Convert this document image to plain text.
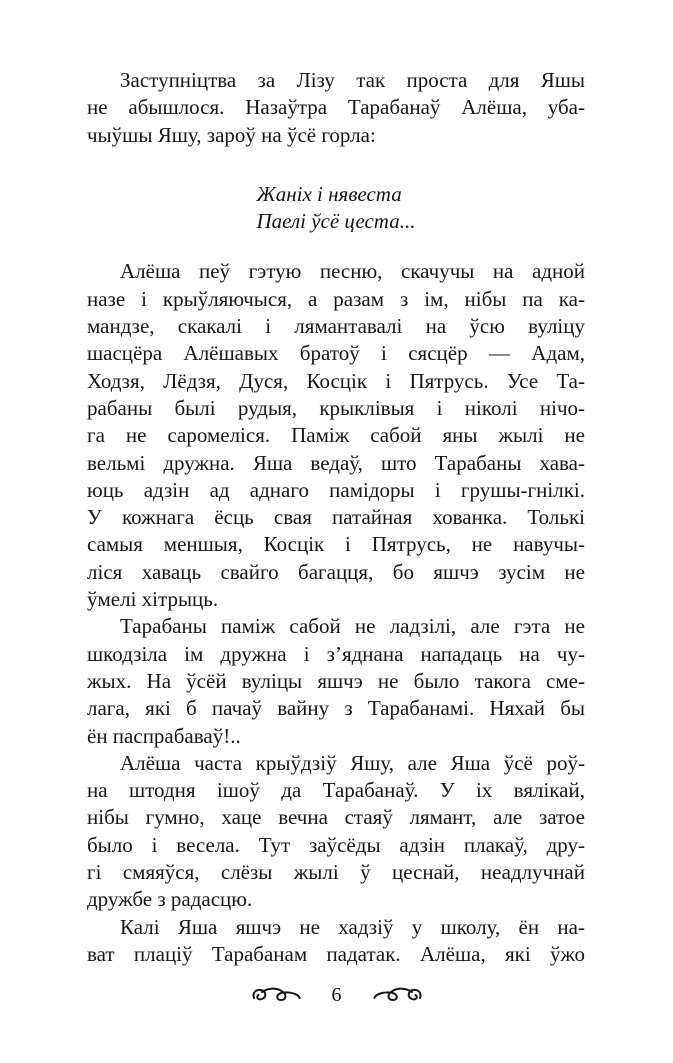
Заступніцтва за Лізу так проста для Яшы
не абышлося. Назаўтра Тарабанаў Алёша, уба-
чыўшы Яшу, зароў на ўсё горла:
Жаніх і нявеста
Паелі ўсё цеста...
Алёша пеў гэтую песню, скачучы на адной
назе і крыўляючыся, а разам з ім, нібы па ка-
мандзе, скакалі і лямантавалі на ўсю вуліцу
шасцёра Алёшавых братоў і сясцёр — Адам,
Ходзя, Лёдзя, Дуся, Косцік і Пятрусь. Усе Та-
рабаны былі рудыя, крыклівыя і ніколі нічо-
га не саромеліся. Паміж сабой яны жылі не
вельмі дружна. Яша ведаў, што Тарабаны хава-
юць адзін ад аднаго памідоры і грушы-гнілкі.
У кожнага ёсць свая патайная хованка. Толькі
самыя меншыя, Косцік і Пятрусь, не навучы-
ліся хаваць свайго багацця, бо яшчэ зусім не
ўмелі хітрыць.
Тарабаны паміж сабой не ладзілі, але гэта не
шкодзіла ім дружна і з’яднана нападаць на чу-
жых. На ўсёй вуліцы яшчэ не было такога сме-
лага, які б пачаў вайну з Тарабанамі. Няхай бы
ён паспрабаваў!..
Алёша часта крыўдзіў Яшу, але Яша ўсё роў-
на штодня ішоў да Тарабанаў. У іх вялікай,
нібы гумно, хаце вечна стаяў лямант, але затое
было і весела. Тут заўсёды адзін плакаў, дру-
гі смяяўся, слёзы жылі ў цеснай, неадлучнай
дружбе з радасцю.
Калі Яша яшчэ не хадзіў у школу, ён на-
ват плаціў Тарабанам падатак. Алёша, які ўжо
6
